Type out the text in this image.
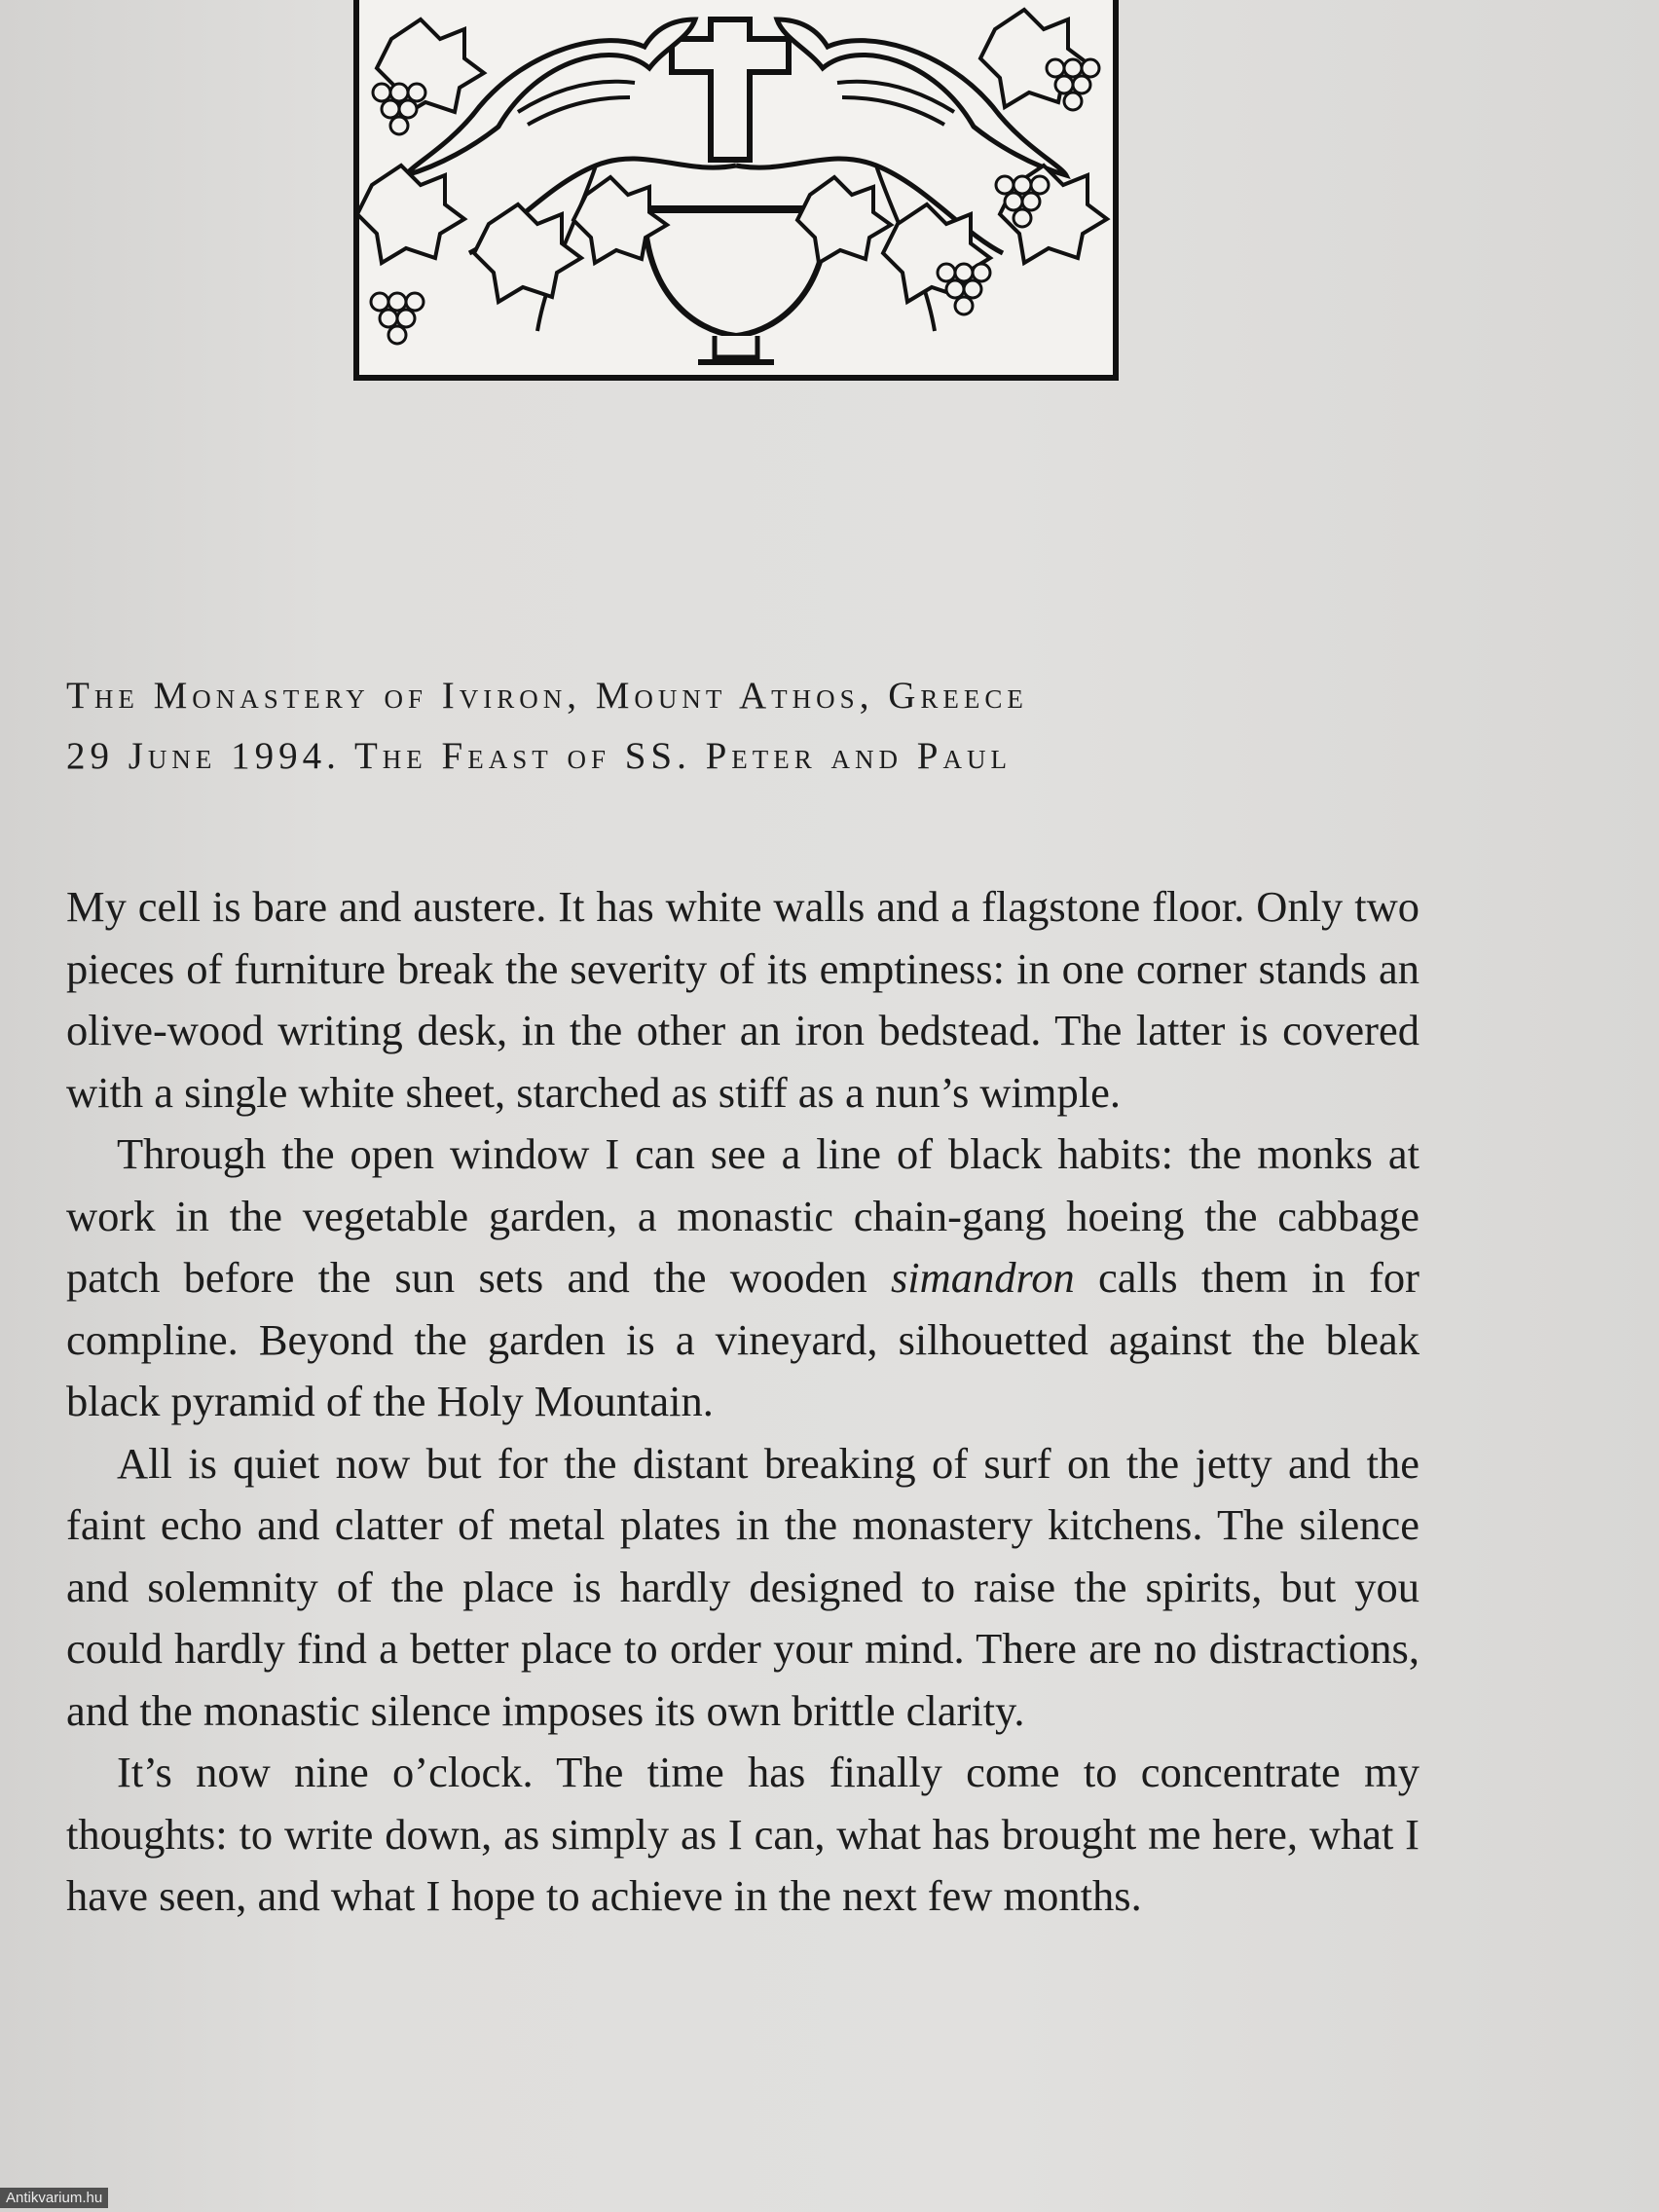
The Monastery of Iviron, Mount Athos, Greece
29 June 1994. The Feast of SS. Peter and Paul

My cell is bare and austere. It has white walls and a flagstone floor. Only two pieces of furniture break the severity of its emptiness: in one corner stands an olive-wood writing desk, in the other an iron bedstead. The latter is covered with a single white sheet, starched as stiff as a nun’s wimple.

Through the open window I can see a line of black habits: the monks at work in the vegetable garden, a monastic chain-gang hoeing the cabbage patch before the sun sets and the wooden simandron calls them in for compline. Beyond the garden is a vineyard, silhouetted against the bleak black pyramid of the Holy Mountain.

All is quiet now but for the distant breaking of surf on the jetty and the faint echo and clatter of metal plates in the monastery kitchens. The silence and solemnity of the place is hardly designed to raise the spirits, but you could hardly find a better place to order your mind. There are no distractions, and the monastic silence imposes its own brittle clarity.

It’s now nine o’clock. The time has finally come to concentrate my thoughts: to write down, as simply as I can, what has brought me here, what I have seen, and what I hope to achieve in the next few months.

Antikvarium.hu
